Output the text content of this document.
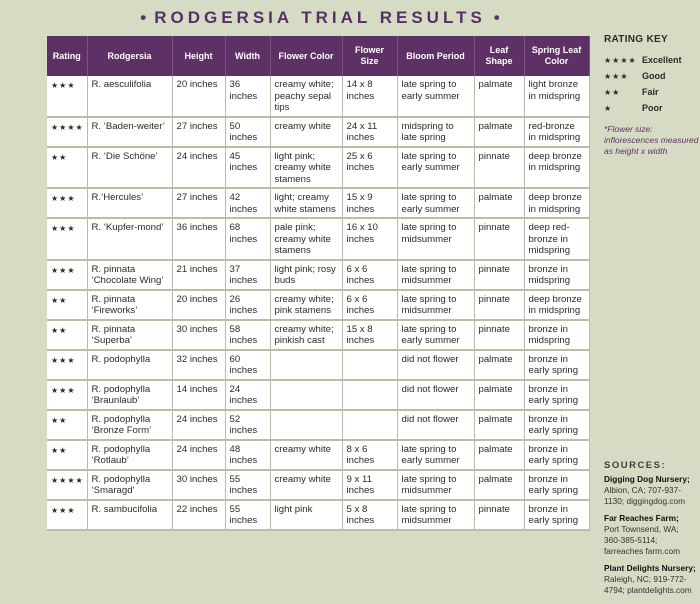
• RODGERSIA TRIAL RESULTS •
Rating	Rodgersia	Height	Width	Flower Color	Flower Size	Bloom Period	Leaf Shape	Spring Leaf Color
★★★	R. aesculifolia	20 inches	36 inches	creamy white; peachy sepal tips	14 x 8 inches	late spring to early summer	palmate	light bronze in midspring
★★★★	R. ‘Baden-weiter’	27 inches	50 inches	creamy white	24 x 11 inches	midspring to late spring	palmate	red-bronze in midspring
★★	R. ‘Die Schöne’	24 inches	45 inches	light pink; creamy white stamens	25 x 6 inches	late spring to early summer	pinnate	deep bronze in midspring
★★★	R.‘Hercules’	27 inches	42 inches	light; creamy white stamens	15 x 9 inches	late spring to early summer	palmate	deep bronze in midspring
★★★	R. ‘Kupfer-mond’	36 inches	68 inches	pale pink; creamy white stamens	16 x 10 inches	late spring to midsummer	pinnate	deep red-bronze in midspring
★★★	R. pinnata ‘Chocolate Wing’	21 inches	37 inches	light pink; rosy buds	6 x 6 inches	late spring to midsummer	pinnate	bronze in midspring
★★	R. pinnata ‘Fireworks’	20 inches	26 inches	creamy white; pink stamens	6 x 6 inches	late spring to midsummer	pinnate	deep bronze in midspring
★★	R. pinnata ‘Superba’	30 inches	58 inches	creamy white; pinkish cast	15 x 8 inches	late spring to early summer	pinnate	bronze in midspring
★★★	R. podophylla	32 inches	60 inches			did not flower	palmate	bronze in early spring
★★★	R. podophylla ‘Braunlaub’	14 inches	24 inches			did not flower	palmate	bronze in early spring
★★	R. podophylla ‘Bronze Form’	24 inches	52 inches			did not flower	palmate	bronze in early spring
★★	R. podophylla ‘Rotlaub’	24 inches	48 inches	creamy white	8 x 6 inches	late spring to early summer	palmate	bronze in early spring
★★★★	R. podophylla ‘Smaragd’	30 inches	55 inches	creamy white	9 x 11 inches	late spring to midsummer	palmate	bronze in early spring
★★★	R. sambucifolia	22 inches	55 inches	light pink	5 x 8 inches	late spring to midsummer	pinnate	bronze in early spring
RATING KEY
★★★★ Excellent
★★★	Good
★★	Fair
★	Poor
*Flower size: inflorescences measured as height x width
SOURCES:
Digging Dog Nursery; Albion, CA; 707-937-1130; diggingdog.com
Far Reaches Farm; Port Townsend, WA; 360-385-5114; farreaches farm.com
Plant Delights Nursery; Raleigh, NC; 919-772-4794; plantdelights.com
